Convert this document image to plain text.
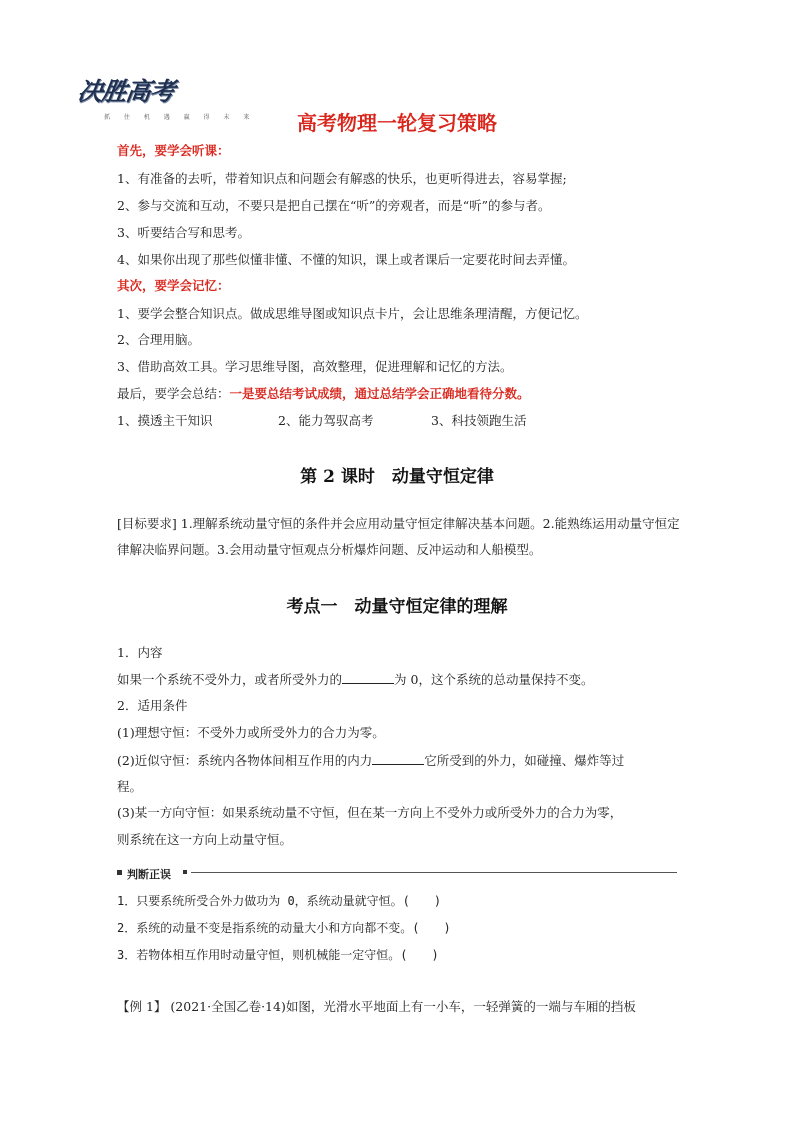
决胜高考
抓 住 机 遇 赢 得 未 来	高考物理一轮复习策略
首先，要学会听课：
1、有准备的去听，带着知识点和问题会有解惑的快乐，也更听得进去，容易掌握;
2、参与交流和互动，不要只是把自己摆在“听”的旁观者，而是“听”的参与者。
3、听要结合写和思考。
4、如果你出现了那些似懂非懂、不懂的知识，课上或者课后一定要花时间去弄懂。
其次，要学会记忆：
1、要学会整合知识点。做成思维导图或知识点卡片，会让思维条理清醒，方便记忆。
2、合理用脑。
3、借助高效工具。学习思维导图，高效整理，促进理解和记忆的方法。
最后，要学会总结：一是要总结考试成绩，通过总结学会正确地看待分数。
1、摸透主干知识	2、能力驾驭高考	3、科技领跑生活
第 2 课时　动量守恒定律
[目标要求] 1.理解系统动量守恒的条件并会应用动量守恒定律解决基本问题。2.能熟练运用动量守恒定律解决临界问题。3.会用动量守恒观点分析爆炸问题、反冲运动和人船模型。
考点一　动量守恒定律的理解
1．内容
如果一个系统不受外力，或者所受外力的	为 0，这个系统的总动量保持不变。
2．适用条件
(1)理想守恒：不受外力或所受外力的合力为零。
(2)近似守恒：系统内各物体间相互作用的内力	它所受到的外力，如碰撞、爆炸等过
程。
(3)某一方向守恒：如果系统动量不守恒，但在某一方向上不受外力或所受外力的合力为零，
则系统在这一方向上动量守恒。
判断正误
1．只要系统所受合外力做功为 0，系统动量就守恒。(　　)
2．系统的动量不变是指系统的动量大小和方向都不变。(　　)
3．若物体相互作用时动量守恒，则机械能一定守恒。(　　)
【例 1】 (2021·全国乙卷·14)如图，光滑水平地面上有一小车，一轻弹簧的一端与车厢的挡板
